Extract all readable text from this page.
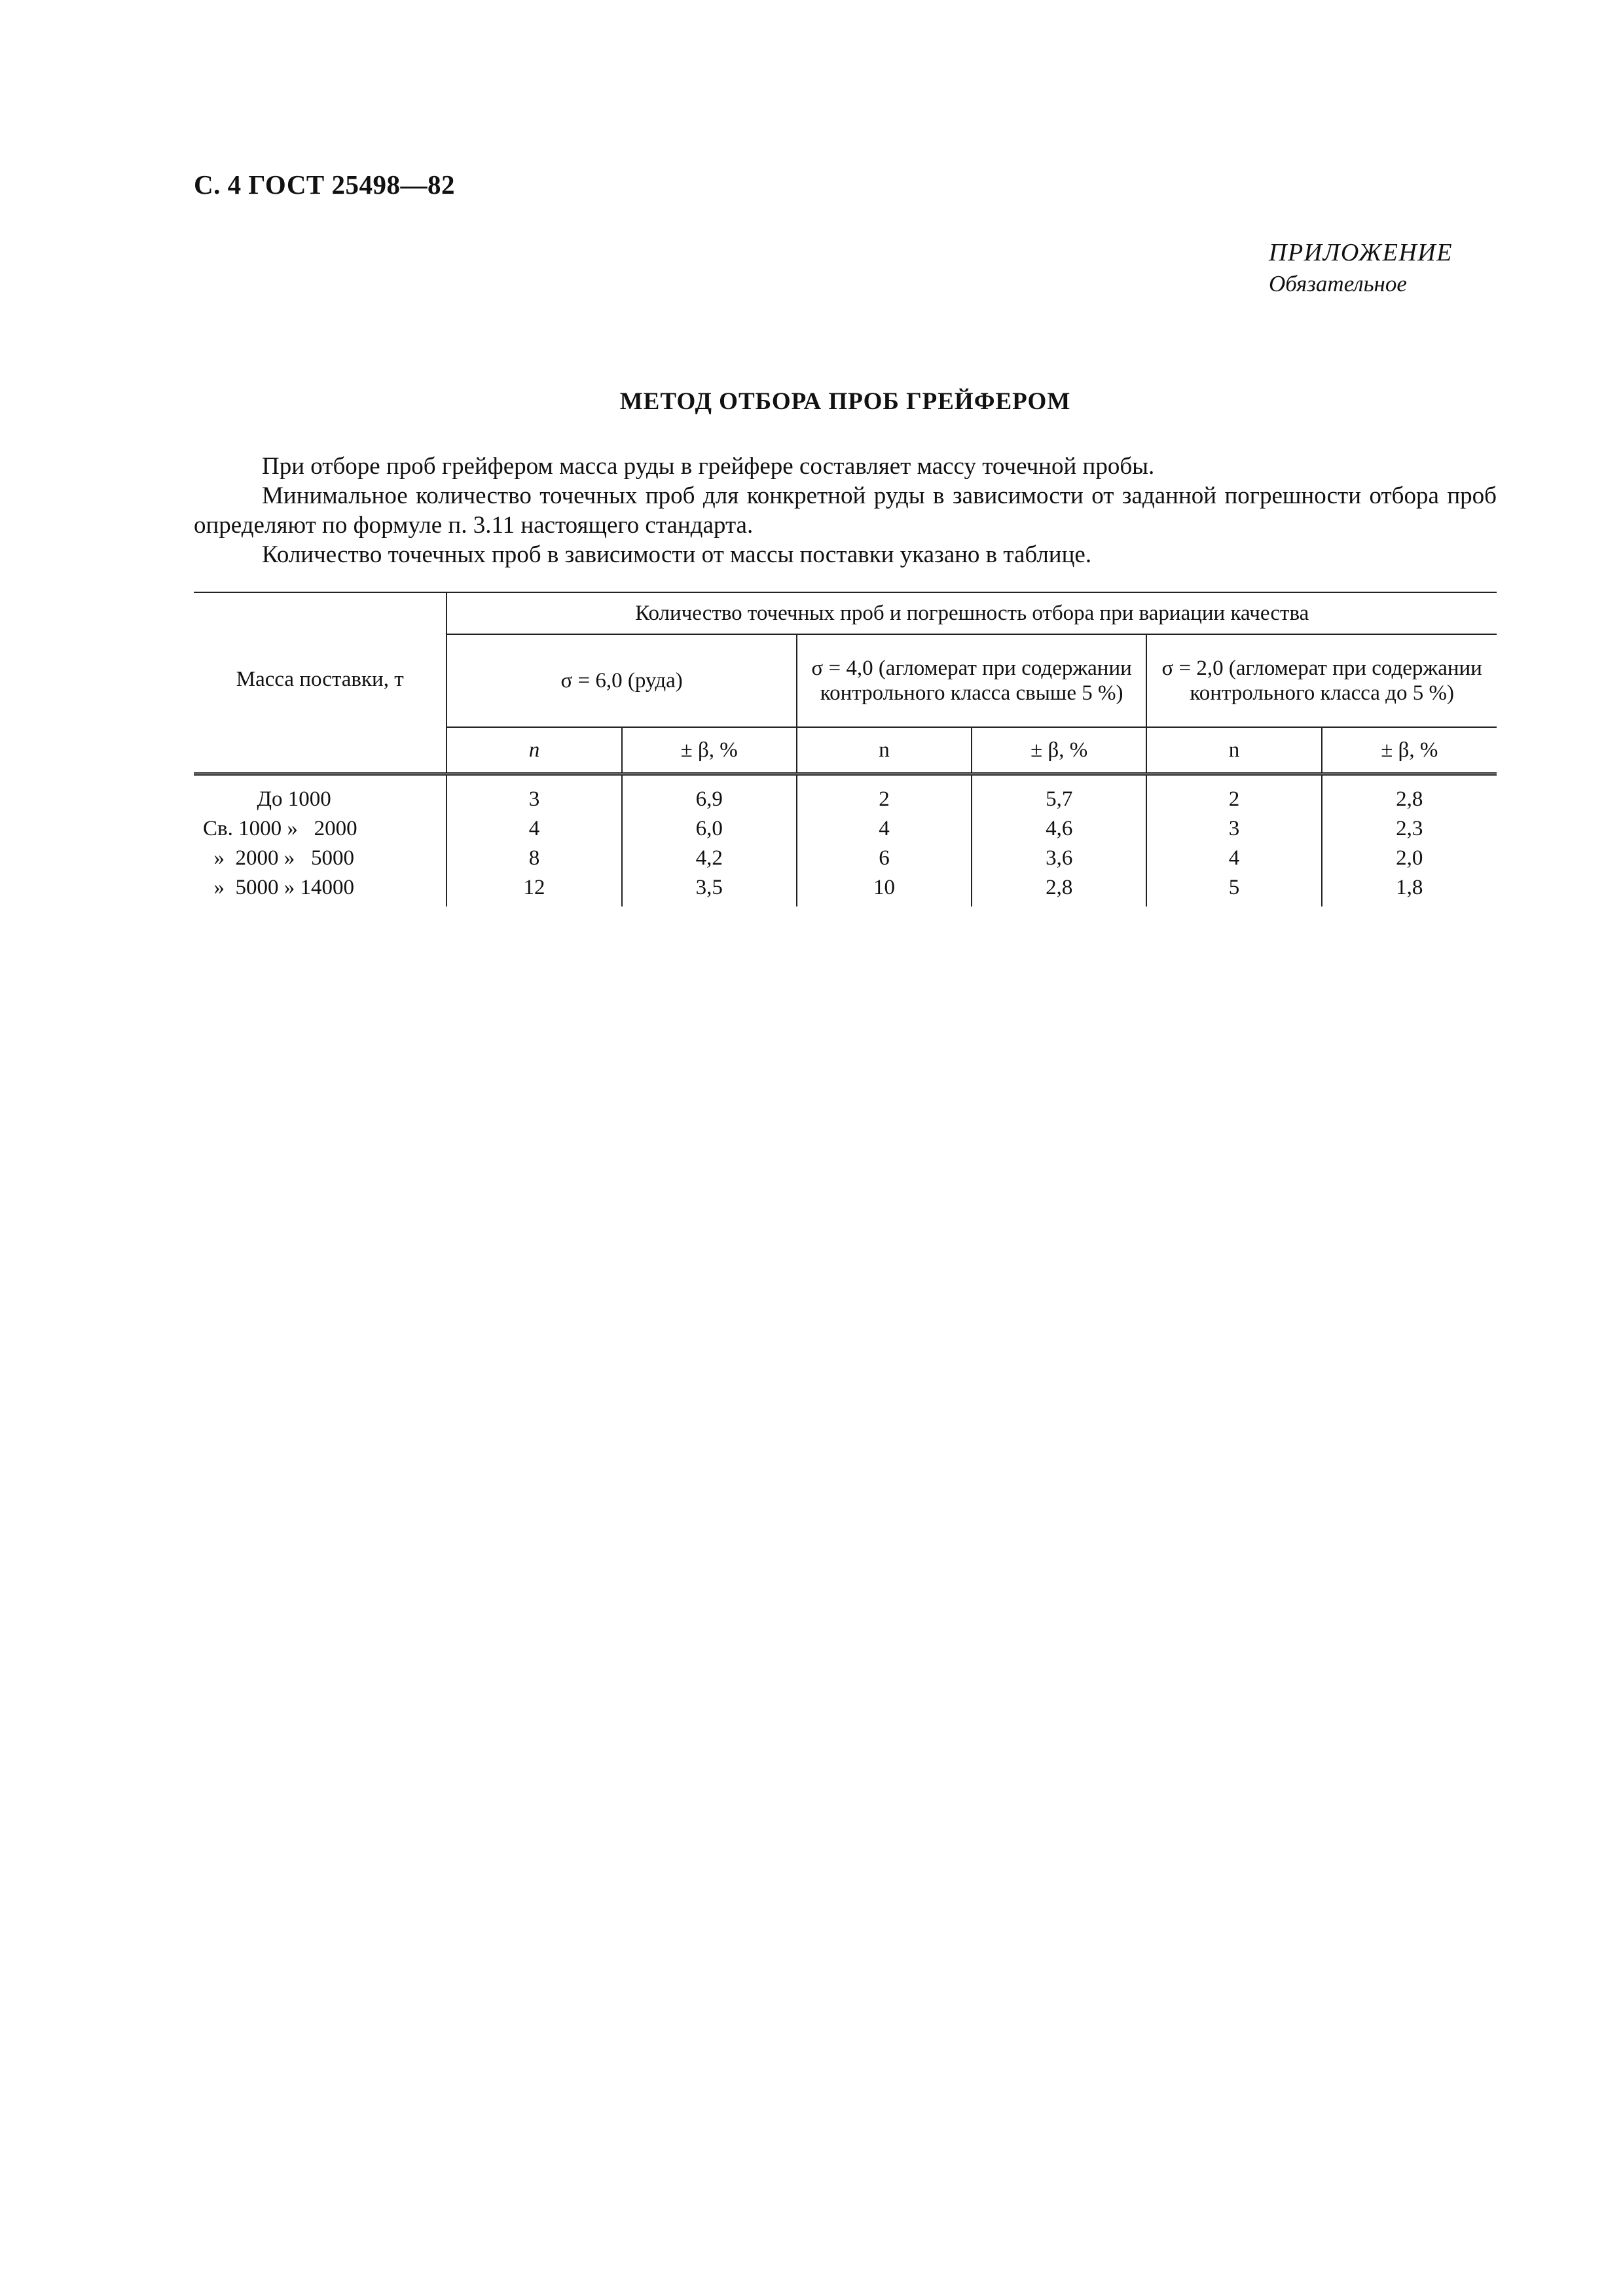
С. 4 ГОСТ 25498—82
ПРИЛОЖЕНИЕ
Обязательное
МЕТОД ОТБОРА ПРОБ ГРЕЙФЕРОМ

При отборе проб грейфером масса руды в грейфере составляет массу точечной пробы.

Минимальное количество точечных проб для конкретной руды в зависимости от заданной погрешности отбора проб определяют по формуле п. 3.11 настоящего стандарта.

Количество точечных проб в зависимости от массы поставки указано в таблице.

Масса поставки, т	Количество точечных проб и погрешность отбора при вариации качества					
	σ = 6,0 (руда)		σ = 4,0 (агломерат при содержании контрольного класса свыше 5 %)		σ = 2,0 (агломерат при содержании контрольного класса до 5 %)	
	n	± β, %	n	± β, %	n	± β, %
До 1000	3	6,9	2	5,7	2	2,8
Св. 1000 »   2000	4	6,0	4	4,6	3	2,3
»  2000 »   5000	8	4,2	6	3,6	4	2,0
»  5000 » 14000	12	3,5	10	2,8	5	1,8
